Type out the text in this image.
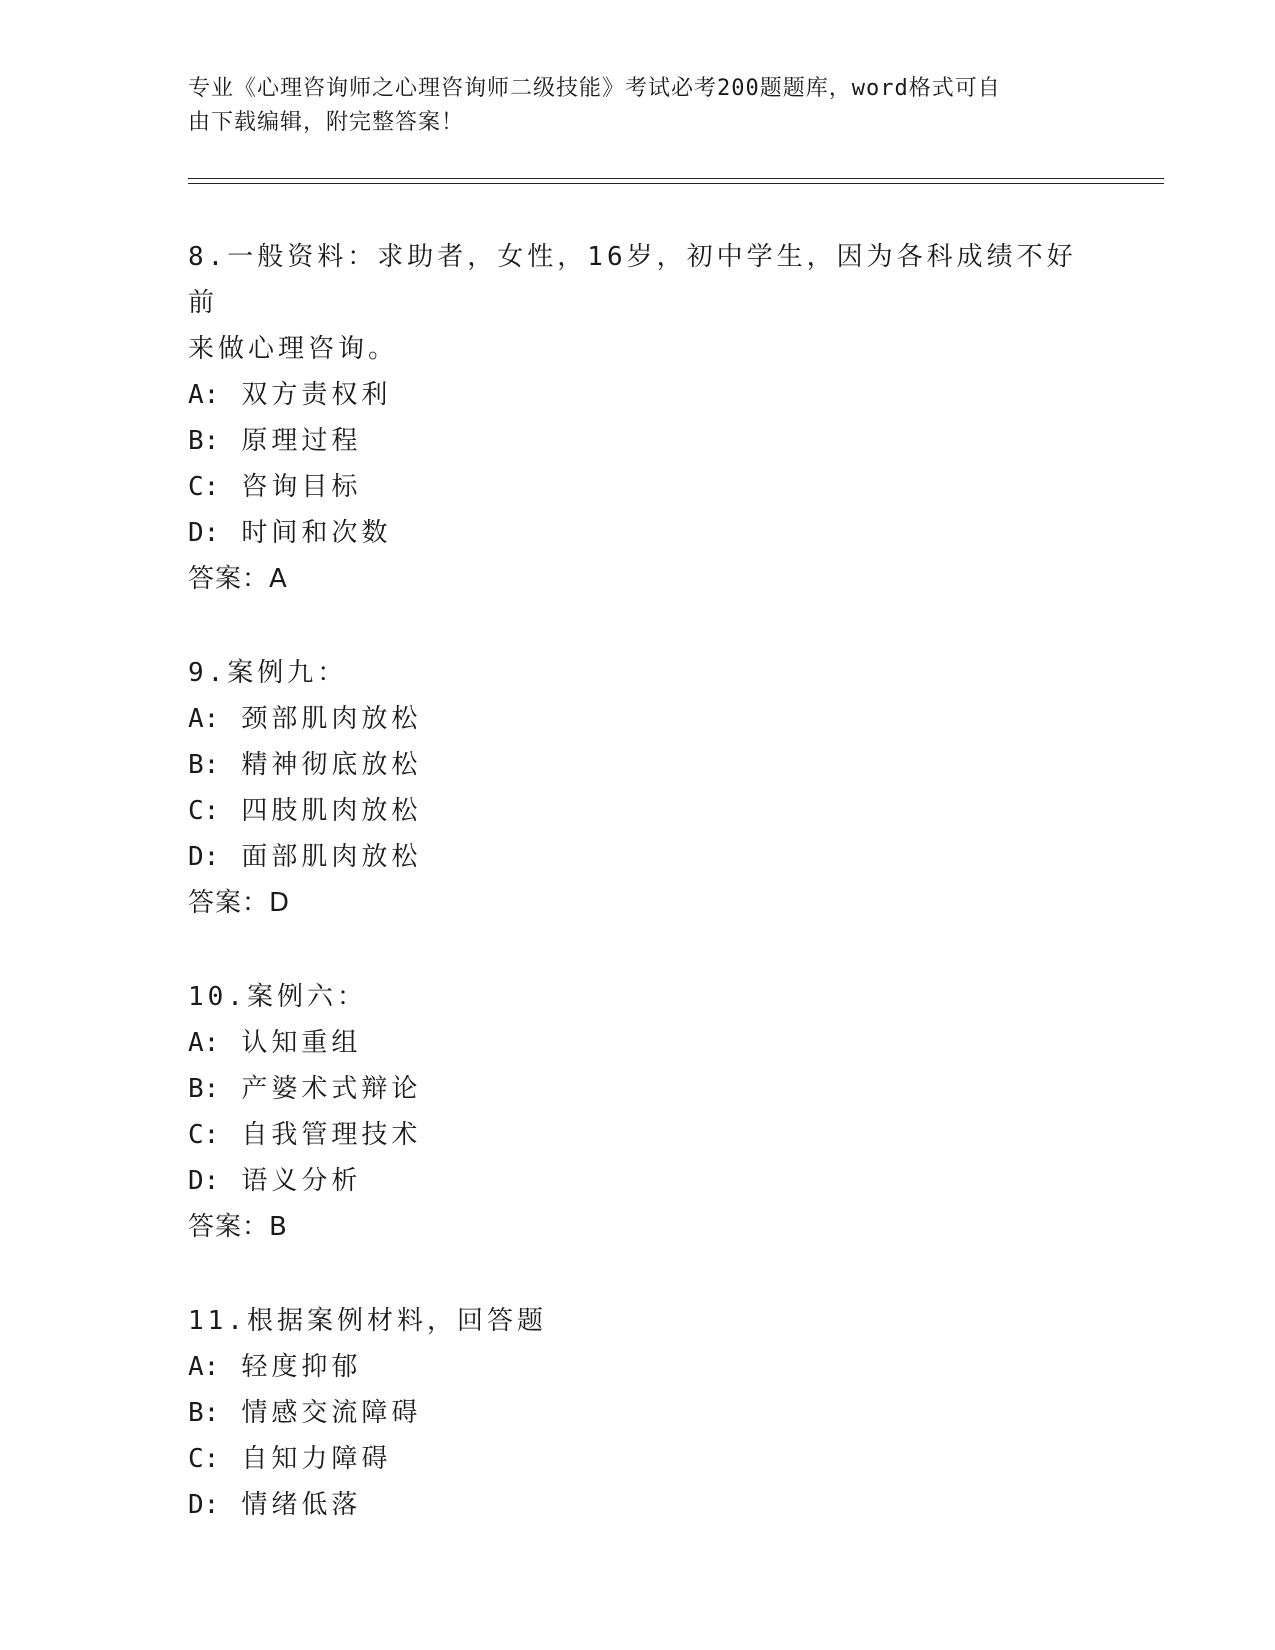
专业《心理咨询师之心理咨询师二级技能》考试必考200题题库，word格式可自
由下载编辑，附完整答案！
8.一般资料：求助者，女性，16岁，初中学生，因为各科成绩不好前
来做心理咨询。
A: 双方责权利
B: 原理过程
C: 咨询目标
D: 时间和次数
答案：A
9.案例九：
A: 颈部肌肉放松
B: 精神彻底放松
C: 四肢肌肉放松
D: 面部肌肉放松
答案：D
10.案例六：
A: 认知重组
B: 产婆术式辩论
C: 自我管理技术
D: 语义分析
答案：B
11.根据案例材料，回答题
A: 轻度抑郁
B: 情感交流障碍
C: 自知力障碍
D: 情绪低落
